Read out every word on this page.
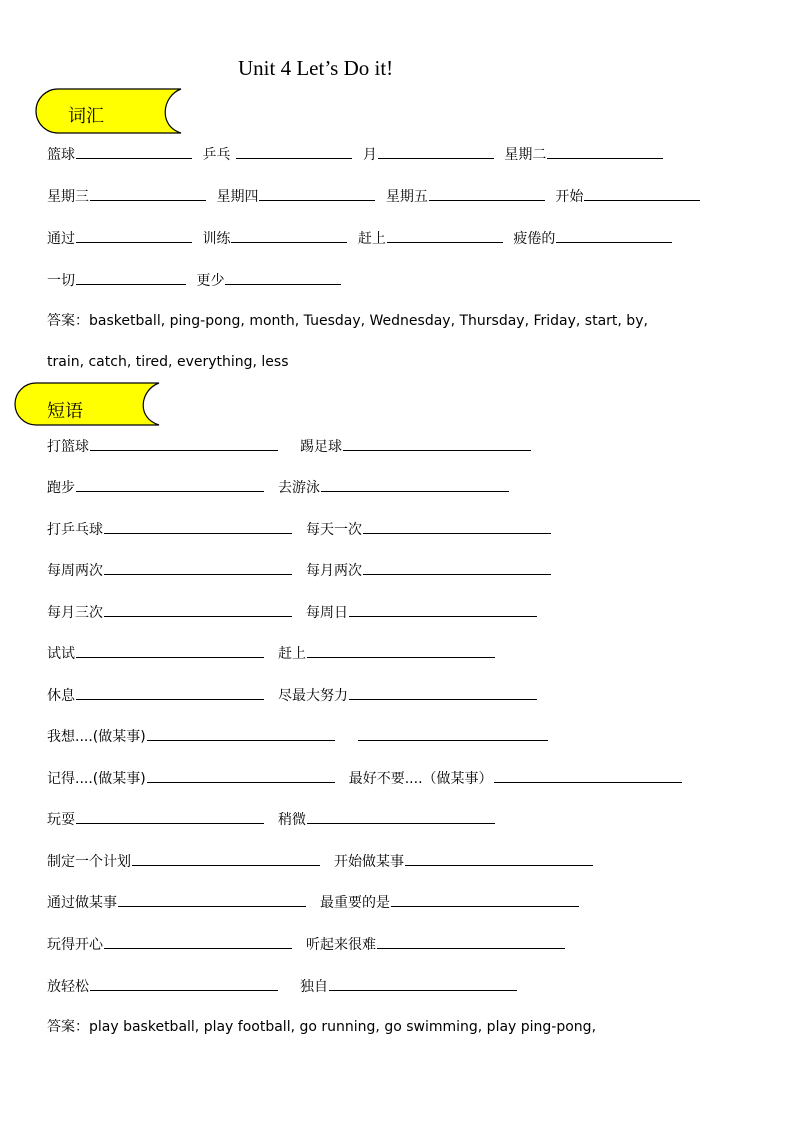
Unit 4 Let’s Do it!
词汇
篮球	乒乓	月	星期二
星期三	星期四	星期五	开始
通过	训练	赶上	疲倦的
一切	更少
答案：basketball, ping-pong, month, Tuesday, Wednesday, Thursday, Friday, start, by,
train, catch, tired, everything, less
短语
打篮球	踢足球
跑步	去游泳
打乒乓球	每天一次
每周两次	每月两次
每月三次	每周日
试试	赶上
休息	尽最大努力
我想....(做某事)
记得....(做某事)	最好不要....（做某事）
玩耍	稍微
制定一个计划	开始做某事
通过做某事	最重要的是
玩得开心	听起来很难
放轻松	独自
答案：play basketball, play football, go running, go swimming, play ping-pong,
